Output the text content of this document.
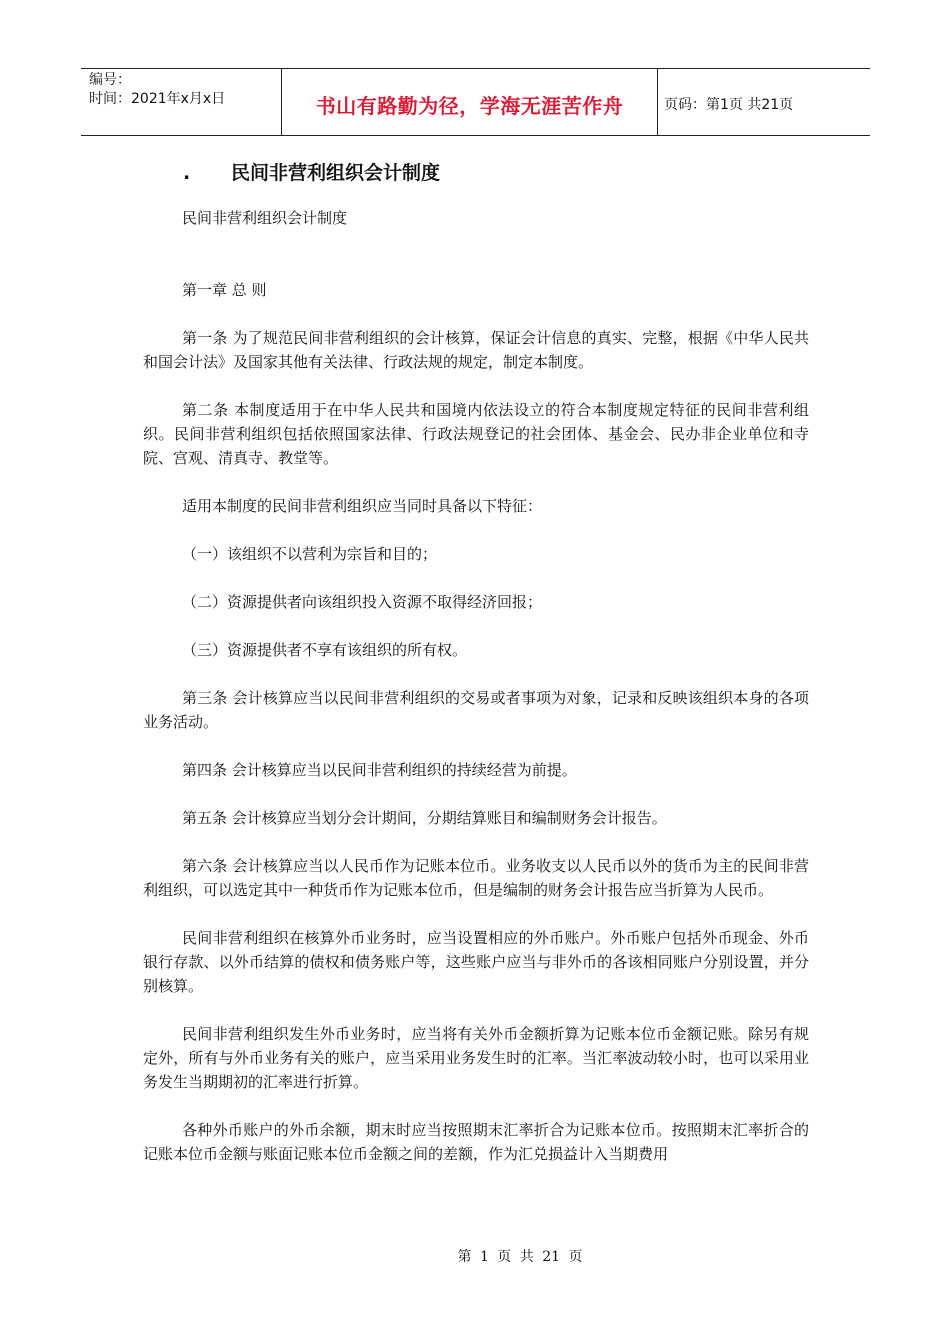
编号：
时间：2021年x月x日	书山有路勤为径，学海无涯苦作舟	页码：第1页 共21页
. 民间非营利组织会计制度

民间非营利组织会计制度

第一章 总 则

第一条 为了规范民间非营利组织的会计核算，保证会计信息的真实、完整，根据《中华人民共和国会计法》及国家其他有关法律、行政法规的规定，制定本制度。

第二条 本制度适用于在中华人民共和国境内依法设立的符合本制度规定特征的民间非营利组织。民间非营利组织包括依照国家法律、行政法规登记的社会团体、基金会、民办非企业单位和寺院、宫观、清真寺、教堂等。

适用本制度的民间非营利组织应当同时具备以下特征：

（一）该组织不以营利为宗旨和目的；

（二）资源提供者向该组织投入资源不取得经济回报；

（三）资源提供者不享有该组织的所有权。

第三条 会计核算应当以民间非营利组织的交易或者事项为对象，记录和反映该组织本身的各项业务活动。

第四条 会计核算应当以民间非营利组织的持续经营为前提。

第五条 会计核算应当划分会计期间，分期结算账目和编制财务会计报告。

第六条 会计核算应当以人民币作为记账本位币。业务收支以人民币以外的货币为主的民间非营利组织，可以选定其中一种货币作为记账本位币，但是编制的财务会计报告应当折算为人民币。

民间非营利组织在核算外币业务时，应当设置相应的外币账户。外币账户包括外币现金、外币银行存款、以外币结算的债权和债务账户等，这些账户应当与非外币的各该相同账户分别设置，并分别核算。

民间非营利组织发生外币业务时，应当将有关外币金额折算为记账本位币金额记账。除另有规定外，所有与外币业务有关的账户，应当采用业务发生时的汇率。当汇率波动较小时，也可以采用业务发生当期期初的汇率进行折算。

各种外币账户的外币余额，期末时应当按照期末汇率折合为记账本位币。按照期末汇率折合的记账本位币金额与账面记账本位币金额之间的差额，作为汇兑损益计入当期费用

第 1 页 共 21 页
